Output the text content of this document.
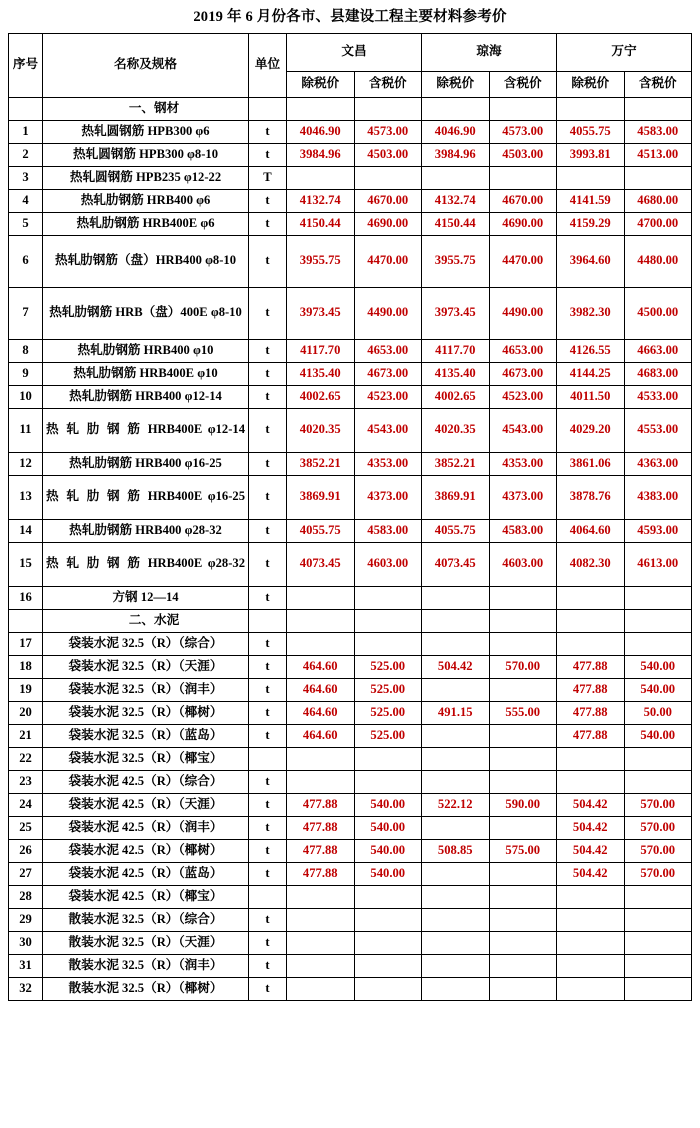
2019 年 6 月份各市、县建设工程主要材料参考价
序号	名称及规格	单位	文昌		琼海		万宁	
			除税价	含税价	除税价	含税价	除税价	含税价
	一、钢材							
1	热轧圆钢筋 HPB300 φ6	t	4046.90	4573.00	4046.90	4573.00	4055.75	4583.00
2	热轧圆钢筋 HPB300 φ8-10	t	3984.96	4503.00	3984.96	4503.00	3993.81	4513.00
3	热轧圆钢筋 HPB235 φ12-22	T						
4	热轧肋钢筋 HRB400 φ6	t	4132.74	4670.00	4132.74	4670.00	4141.59	4680.00
5	热轧肋钢筋 HRB400E φ6	t	4150.44	4690.00	4150.44	4690.00	4159.29	4700.00
6	热轧肋钢筋（盘）HRB400 φ8-10	t	3955.75	4470.00	3955.75	4470.00	3964.60	4480.00
7	热轧肋钢筋 HRB（盘）400E φ8-10	t	3973.45	4490.00	3973.45	4490.00	3982.30	4500.00
8	热轧肋钢筋 HRB400 φ10	t	4117.70	4653.00	4117.70	4653.00	4126.55	4663.00
9	热轧肋钢筋 HRB400E φ10	t	4135.40	4673.00	4135.40	4673.00	4144.25	4683.00
10	热轧肋钢筋 HRB400 φ12-14	t	4002.65	4523.00	4002.65	4523.00	4011.50	4533.00
11	热 轧 肋 钢 筋 HRB400E φ12-14	t	4020.35	4543.00	4020.35	4543.00	4029.20	4553.00
12	热轧肋钢筋 HRB400 φ16-25	t	3852.21	4353.00	3852.21	4353.00	3861.06	4363.00
13	热 轧 肋 钢 筋 HRB400E φ16-25	t	3869.91	4373.00	3869.91	4373.00	3878.76	4383.00
14	热轧肋钢筋 HRB400 φ28-32	t	4055.75	4583.00	4055.75	4583.00	4064.60	4593.00
15	热 轧 肋 钢 筋 HRB400E φ28-32	t	4073.45	4603.00	4073.45	4603.00	4082.30	4613.00
16	方钢 12—14	t						
	二、水泥							
17	袋装水泥 32.5（R）（综合）	t						
18	袋装水泥 32.5（R）（天涯）	t	464.60	525.00	504.42	570.00	477.88	540.00
19	袋装水泥 32.5（R）（润丰）	t	464.60	525.00			477.88	540.00
20	袋装水泥 32.5（R）（椰树）	t	464.60	525.00	491.15	555.00	477.88	50.00
21	袋装水泥 32.5（R）（蓝岛）	t	464.60	525.00			477.88	540.00
22	袋装水泥 32.5（R）（椰宝）							
23	袋装水泥 42.5（R）（综合）	t						
24	袋装水泥 42.5（R）（天涯）	t	477.88	540.00	522.12	590.00	504.42	570.00
25	袋装水泥 42.5（R）（润丰）	t	477.88	540.00			504.42	570.00
26	袋装水泥 42.5（R）（椰树）	t	477.88	540.00	508.85	575.00	504.42	570.00
27	袋装水泥 42.5（R）（蓝岛）	t	477.88	540.00			504.42	570.00
28	袋装水泥 42.5（R）（椰宝）							
29	散装水泥 32.5（R）（综合）	t						
30	散装水泥 32.5（R）（天涯）	t						
31	散装水泥 32.5（R）（润丰）	t						
32	散装水泥 32.5（R）（椰树）	t						
